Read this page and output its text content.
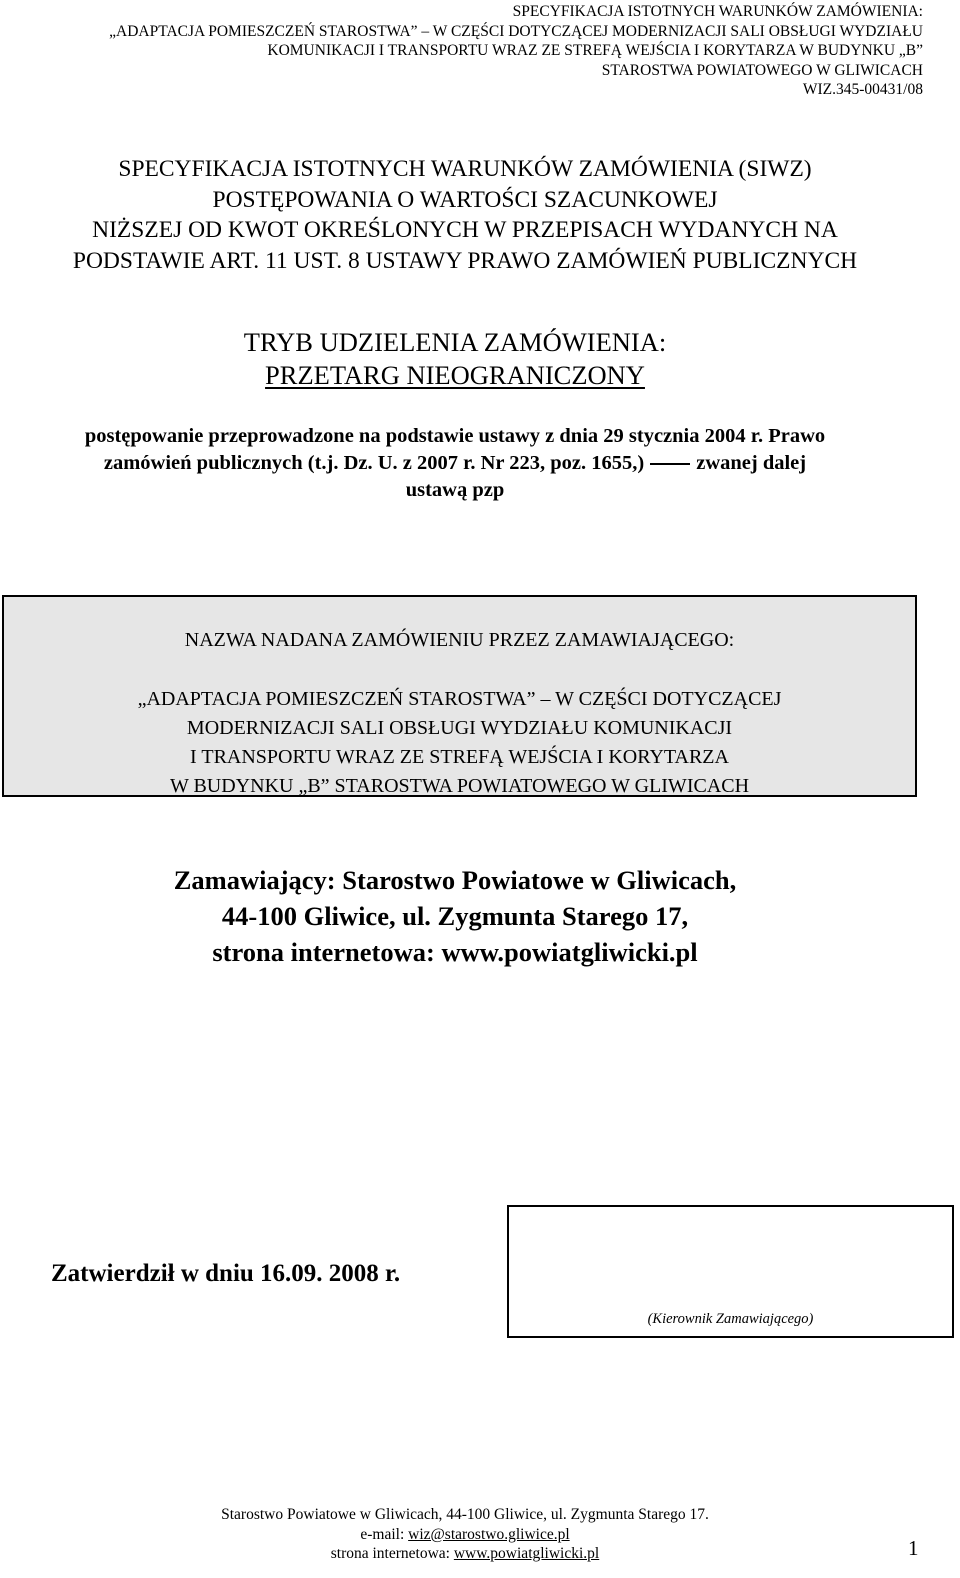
SPECYFIKACJA ISTOTNYCH WARUNKÓW ZAMÓWIENIA:
„ADAPTACJA POMIESZCZEŃ STAROSTWA” – W CZĘŚCI DOTYCZĄCEJ MODERNIZACJI SALI OBSŁUGI WYDZIAŁU
KOMUNIKACJI I TRANSPORTU WRAZ ZE STREFĄ WEJŚCIA I KORYTARZA W BUDYNKU „B”
STAROSTWA POWIATOWEGO W GLIWICACH
WIZ.345-00431/08
SPECYFIKACJA ISTOTNYCH WARUNKÓW ZAMÓWIENIA (SIWZ)
POSTĘPOWANIA O WARTOŚCI SZACUNKOWEJ
NIŻSZEJ OD KWOT OKREŚLONYCH W PRZEPISACH WYDANYCH NA
PODSTAWIE ART. 11 UST. 8 USTAWY PRAWO ZAMÓWIEŃ PUBLICZNYCH
TRYB UDZIELENIA ZAMÓWIENIA:
PRZETARG NIEOGRANICZONY
postępowanie przeprowadzone na podstawie ustawy z dnia 29 stycznia 2004 r. Prawo
zamówień publicznych (t.j. Dz. U. z 2007 r. Nr 223, poz. 1655,)	zwanej dalej
ustawą pzp
NAZWA NADANA ZAMÓWIENIU PRZEZ ZAMAWIAJĄCEGO:
„ADAPTACJA POMIESZCZEŃ STAROSTWA” – W CZĘŚCI DOTYCZĄCEJ
MODERNIZACJI SALI OBSŁUGI WYDZIAŁU KOMUNIKACJI
I TRANSPORTU WRAZ ZE STREFĄ WEJŚCIA I KORYTARZA
W BUDYNKU „B” STAROSTWA POWIATOWEGO W GLIWICACH
Zamawiający: Starostwo Powiatowe w Gliwicach,
44-100 Gliwice, ul. Zygmunta Starego 17,
strona internetowa: www.powiatgliwicki.pl
Zatwierdził w dniu 16.09. 2008 r.
(Kierownik Zamawiającego)
Starostwo Powiatowe w Gliwicach, 44-100 Gliwice, ul. Zygmunta Starego 17.
e-mail: wiz@starostwo.gliwice.pl
strona internetowa: www.powiatgliwicki.pl	1
